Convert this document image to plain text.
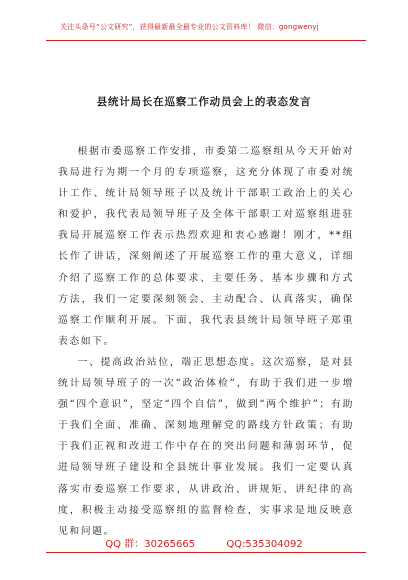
关注头条号“公文研究”，获得最新最全最专业的公文资料库！ 微信：gongwenyj
县统计局长在巡察工作动员会上的表态发言

根据市委巡察工作安排，市委第二巡察组从今天开始对我局进行为期一个月的专项巡察，这充分体现了市委对统计工作、统计局领导班子以及统计干部职工政治上的关心和爱护，我代表局领导班子及全体干部职工对巡察组进驻我局开展巡察工作表示热烈欢迎和衷心感谢！刚才，**组长作了讲话，深刻阐述了开展巡察工作的重大意义，详细介绍了巡察工作的总体要求、主要任务、基本步骤和方式方法，我们一定要深刻领会、主动配合、认真落实，确保巡察工作顺利开展。下面，我代表县统计局领导班子郑重表态如下。

一、提高政治站位，端正思想态度。这次巡察，是对县统计局领导班子的一次“政治体检”，有助于我们进一步增强“四个意识”，坚定“四个自信”，做到“两个维护”；有助于我们全面、准确、深刻地理解党的路线方针政策；有助于我们正视和改进工作中存在的突出问题和薄弱环节，促进局领导班子建设和全县统计事业发展。我们一定要认真落实市委巡察工作要求，从讲政治、讲规矩、讲纪律的高度，积极主动接受巡察组的监督检查，实事求是地反映意见和问题。

QQ 群：30265665	QQ:535304092
